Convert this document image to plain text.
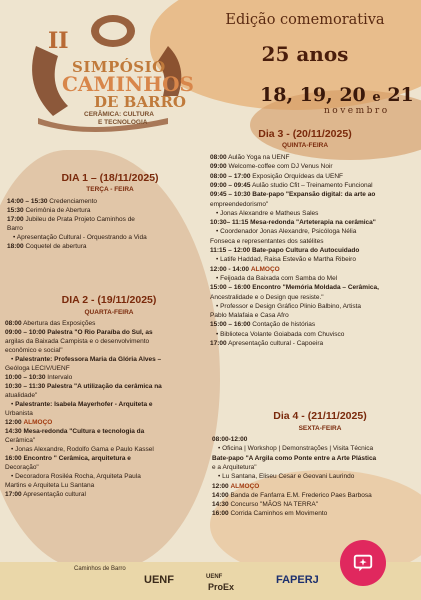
II
SIMPÓSIO
CAMINHOS
DE BARRO
CERÂMICA: CULTURA
E TECNOLOGIA
Edição comemorativa
25 anos
18, 19, 20 e 21
novembro
DIA 1 – (18/11/2025)
TERÇA - FEIRA
14:00 – 15:30 Credenciamento
15:30 Cerimônia de Abertura
17:00 Jubileu de Prata Projeto Caminhos de
Barro
• Apresentação Cultural - Orquestrando a Vida
18:00 Coquetel de abertura
DIA 2 - (19/11/2025)
QUARTA-FEIRA
08:00 Abertura das Exposições
09:00 – 10:00 Palestra "O Rio Paraíba do Sul, as
argilas da Baixada Campista e o desenvolvimento
econômico e social"
• Palestrante: Professora Maria da Glória Alves –
Geóloga LECIV/UENF
10:00 – 10:30 Intervalo
10:30 – 11:30 Palestra "A utilização da cerâmica na
atualidade"
• Palestrante: Isabela Mayerhofer - Arquiteta e
Urbanista
12:00 ALMOÇO
14:30 Mesa-redonda "Cultura e tecnologia da
Cerâmica"
• Jonas Alexandre, Rodolfo Gama e Paulo Kassel
16:00 Encontro " Cerâmica, arquitetura e
Decoração"
• Decoradora Rosiléa Rocha, Arquiteta Paula
Martins e Arquiteta Lu Santana
17:00 Apresentação cultural
Dia 3 - (20/11/2025)
QUINTA-FEIRA
08:00 Aulão Yoga na UENF
09:00 Welcome-coffee com DJ Venus Noir
08:00 – 17:00 Exposição Orquídeas da UENF
09:00 – 09:45 Aulão studio Cfit – Treinamento Funcional
09:45 – 10:30 Bate-papo "Expansão digital: da arte ao
empreendedorismo"
• Jonas Alexandre e Matheus Sales
10:30– 11:15 Mesa-redonda "Arteterapia na cerâmica"
• Coordenador Jonas Alexandre, Psicóloga Nélia
Fonseca e representantes dos satélites
11:15 – 12:00 Bate-papo Cultura do Autocuidado
• Latife Haddad, Raisa Estevão e Martha Ribeiro
12:00 - 14:00 ALMOÇO
• Feijoada da Baixada com Samba do Mel
15:00 – 16:00 Encontro "Memória Moldada – Cerâmica,
Ancestralidade e o Design que resiste."
• Professor e Design Gráfico Plinio Balbino, Artista
Pablo Malafaia e Casa Afro
15:00 – 16:00 Contação de histórias
• Biblioteca Volante Goiabada com Chuvisco
17:00 Apresentação cultural - Capoeira
Dia 4 - (21/11/2025)
SEXTA-FEIRA
08:00-12:00
• Oficina | Workshop | Demonstrações | Visita Técnica
Bate-papo "A Argila como Ponte entre a Arte Plástica
e a Arquitetura"
• Lu Santana, Eliseu Cesar e Geovani Laurindo
12:00 ALMOÇO
14:00 Banda de Fanfarra E.M. Frederico Paes Barbosa
14:30 Concurso "MÃOS NA TERRA"
16:00 Corrida Caminhos em Movimento
Caminhos de Barro
UENF	UENF
ProEx
FAPERJ
